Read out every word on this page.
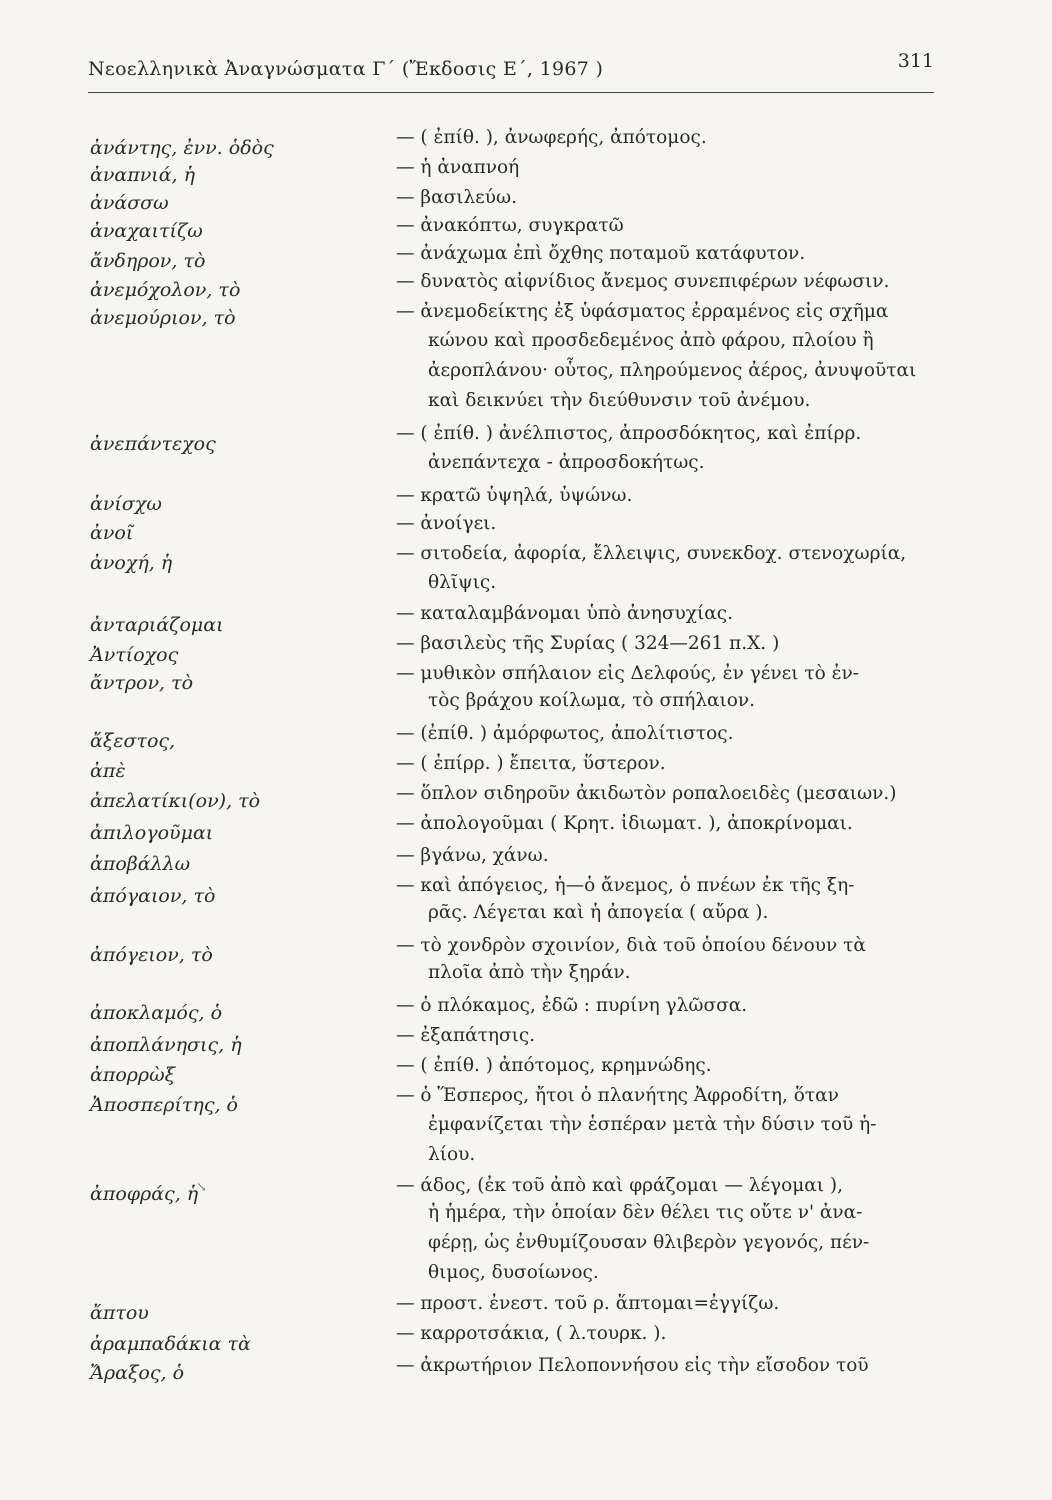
Νεοελληνικὰ Ἀναγνώσματα Γ΄ (Ἔκδοσις Ε΄, 1967 )	311
ἀνάντης, ἐνν. ὁδὸς
ἀναπνιά, ἡ
ἀνάσσω
ἀναχαιτίζω
ἄνδηρον, τὸ
ἀνεμόχολον, τὸ
ἀνεμούριον, τὸ
ἀνεπάντεχος
ἀνίσχω
ἀνοῖ
ἀνοχή, ἡ
ἀνταριάζομαι
Ἀντίοχος
ἄντρον, τὸ
ἄξεστος,
ἀπὲ
ἀπελατίκι(ον), τὸ
ἀπιλογοῦμαι
ἀποβάλλω
ἀπόγαιον, τὸ
ἀπόγειον, τὸ
ἀποκλαμός, ὁ
ἀποπλάνησις, ἡ
ἀπορρὼξ
Ἀποσπερίτης, ὁ
ἀποφράς, ἡ
ἄπτου
ἀραμπαδάκια τὰ
Ἄραξος, ὁ
— ( ἐπίθ. ), ἀνωφερής, ἀπότομος.
— ἡ ἀναπνοή
— βασιλεύω.
— ἀνακόπτω, συγκρατῶ
— ἀνάχωμα ἐπὶ ὄχθης ποταμοῦ κατάφυτον.
— δυνατὸς αἰφνίδιος ἄνεμος συνεπιφέρων νέφωσιν.
— ἀνεμοδείκτης ἐξ ὑφάσματος ἐρραμένος εἰς σχῆμα
κώνου καὶ προσδεδεμένος ἀπὸ φάρου, πλοίου ἢ
ἀεροπλάνου· οὗτος, πληρούμενος ἀέρος, ἀνυψοῦται
καὶ δεικνύει τὴν διεύθυνσιν τοῦ ἀνέμου.
— ( ἐπίθ. ) ἀνέλπιστος, ἀπροσδόκητος, καὶ ἐπίρρ.
ἀνεπάντεχα - ἀπροσδοκήτως.
— κρατῶ ὑψηλά, ὑψώνω.
— ἀνοίγει.
— σιτοδεία, ἀφορία, ἔλλειψις, συνεκδοχ. στενοχωρία,
θλῖψις.
— καταλαμβάνομαι ὑπὸ ἀνησυχίας.
— βασιλεὺς τῆς Συρίας ( 324—261 π.Χ. )
— μυθικὸν σπήλαιον εἰς Δελφούς, ἐν γένει τὸ ἐν-
τὸς βράχου κοίλωμα, τὸ σπήλαιον.
— (ἐπίθ. ) ἀμόρφωτος, ἀπολίτιστος.
— ( ἐπίρρ. ) ἔπειτα, ὕστερον.
— ὅπλον σιδηροῦν ἀκιδωτὸν ροπαλοειδὲς (μεσαιων.)
— ἀπολογοῦμαι ( Κρητ. ἰδιωματ. ), ἀποκρίνομαι.
— βγάνω, χάνω.
— καὶ ἀπόγειος, ἡ—ὁ ἄνεμος, ὁ πνέων ἐκ τῆς ξη-
ρᾶς. Λέγεται καὶ ἡ ἀπογεία ( αὔρα ).
— τὸ χονδρὸν σχοινίον, διὰ τοῦ ὁποίου δένουν τὰ
πλοῖα ἀπὸ τὴν ξηράν.
— ὁ πλόκαμος, ἐδῶ : πυρίνη γλῶσσα.
— ἐξαπάτησις.
— ( ἐπίθ. ) ἀπότομος, κρημνώδης.
— ὁ Ἕσπερος, ἤτοι ὁ πλανήτης Ἀφροδίτη, ὅταν
ἐμφανίζεται τὴν ἑσπέραν μετὰ τὴν δύσιν τοῦ ἡ-
λίου.
— άδος, (ἐκ τοῦ ἀπὸ καὶ φράζομαι — λέγομαι ),
ἡ ἡμέρα, τὴν ὁποίαν δὲν θέλει τις οὔτε ν' ἀνα-
φέρῃ, ὡς ἐνθυμίζουσαν θλιβερὸν γεγονός, πέν-
θιμος, δυσοίωνος.
— προστ. ἐνεστ. τοῦ ρ. ἅπτομαι=ἐγγίζω.
— καρροτσάκια, ( λ.τουρκ. ).
— ἀκρωτήριον Πελοποννήσου εἰς τὴν εἴσοδον τοῦ
↘
